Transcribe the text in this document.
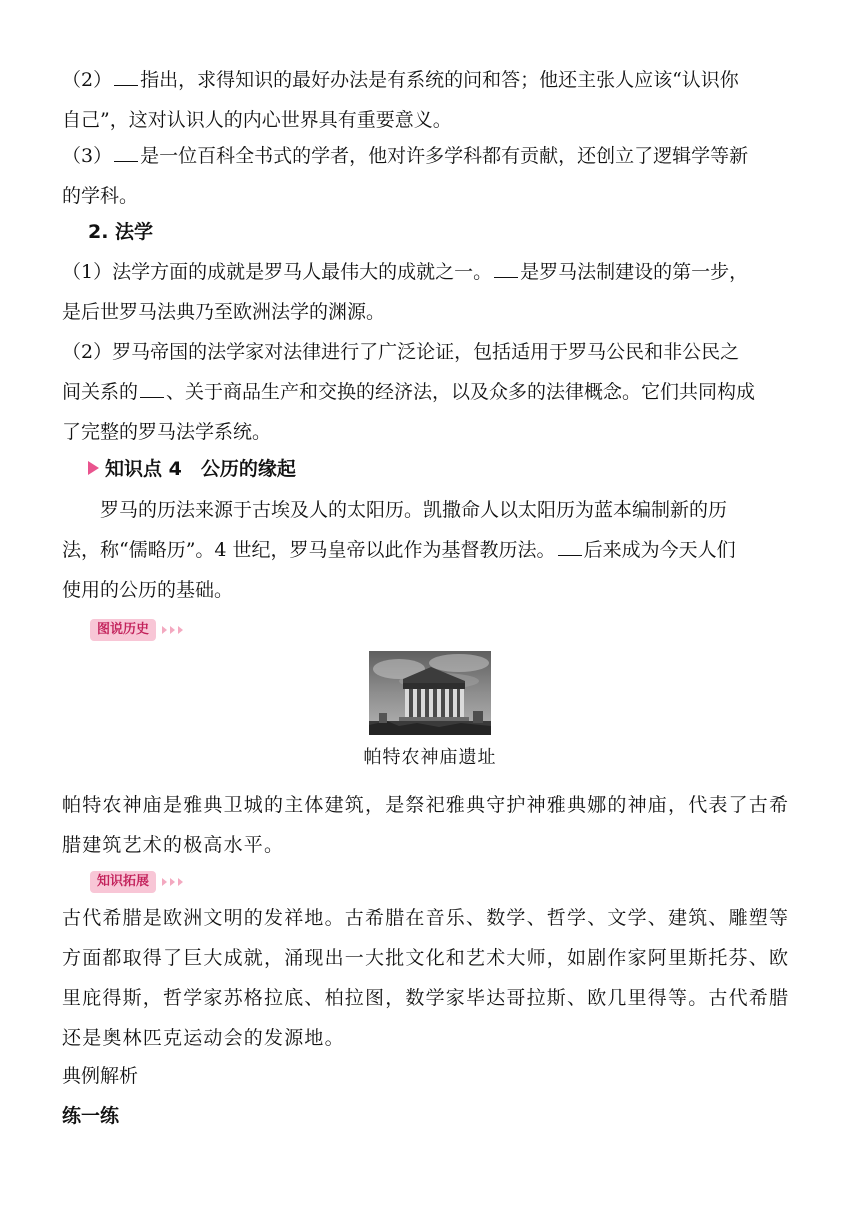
（2） 指出，求得知识的最好办法是有系统的问和答；他还主张人应该“认识你
自己”，这对认识人的内心世界具有重要意义。

（3） 是一位百科全书式的学者，他对许多学科都有贡献，还创立了逻辑学等新
的学科。

2. 法学

（1）法学方面的成就是罗马人最伟大的成就之一。 是罗马法制建设的第一步，
是后世罗马法典乃至欧洲法学的渊源。

（2）罗马帝国的法学家对法律进行了广泛论证，包括适用于罗马公民和非公民之
间关系的 、关于商品生产和交换的经济法，以及众多的法律概念。它们共同构成
了完整的罗马法学系统。

知识点 4　公历的缘起

罗马的历法来源于古埃及人的太阳历。凯撒命人以太阳历为蓝本编制新的历
法，称“儒略历”。4 世纪，罗马皇帝以此作为基督教历法。 后来成为今天人们
使用的公历的基础。

图说历史
帕特农神庙遗址

帕特农神庙是雅典卫城的主体建筑，是祭祀雅典守护神雅典娜的神庙，代表了古希
腊建筑艺术的极高水平。

知识拓展

古代希腊是欧洲文明的发祥地。古希腊在音乐、数学、哲学、文学、建筑、雕塑等
方面都取得了巨大成就，涌现出一大批文化和艺术大师，如剧作家阿里斯托芬、欧
里庇得斯，哲学家苏格拉底、柏拉图，数学家毕达哥拉斯、欧几里得等。古代希腊
还是奥林匹克运动会的发源地。

典例解析

练一练
